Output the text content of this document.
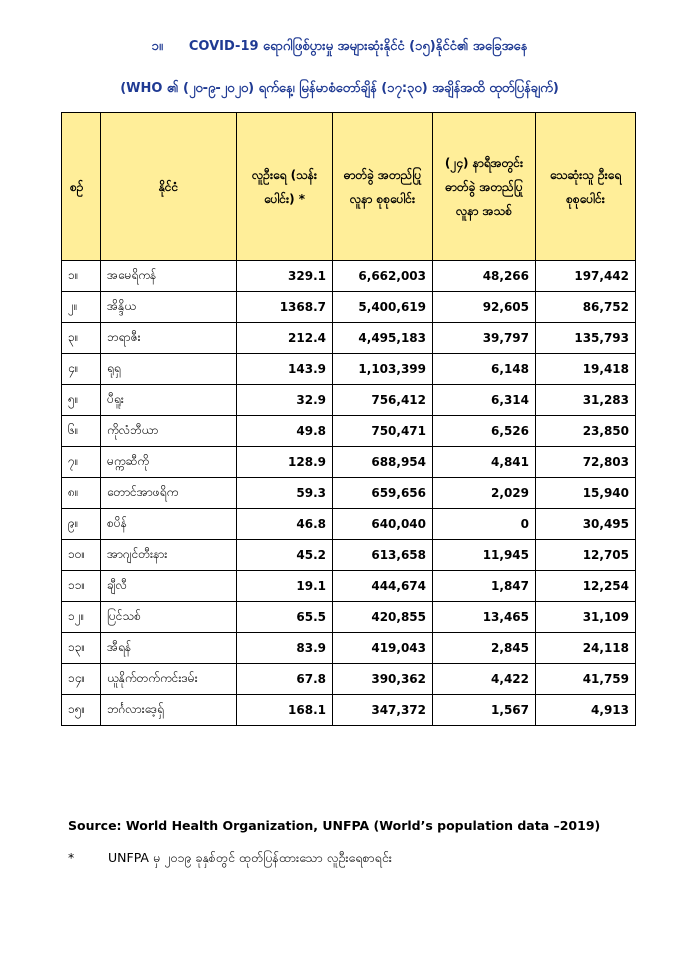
၁။ COVID-19 ရောဂါဖြစ်ပွားမှု အများဆုံးနိုင်ငံ (၁၅)နိုင်ငံ၏ အခြေအနေ
(WHO ၏ (၂၀-၉-၂၀၂၀) ရက်နေ့၊ မြန်မာစံတော်ချိန် (၁၇:၃၀) အချိန်အထိ ထုတ်ပြန်ချက်)
စဉ်	နိုင်ငံ	လူဦးရေ (သန်းပေါင်း) *	ဓာတ်ခွဲ အတည်ပြု လူနာ စုစုပေါင်း	(၂၄) နာရီအတွင်း ဓာတ်ခွဲ အတည်ပြု လူနာ အသစ်	သေဆုံးသူ ဦးရေ စုစုပေါင်း
၁။	အမေရိကန်	329.1	6,662,003	48,266	197,442
၂။	အိန္ဒိယ	1368.7	5,400,619	92,605	86,752
၃။	ဘရာဇီး	212.4	4,495,183	39,797	135,793
၄။	ရုရှ	143.9	1,103,399	6,148	19,418
၅။	ပီရူး	32.9	756,412	6,314	31,283
၆။	ကိုလံဘီယာ	49.8	750,471	6,526	23,850
၇။	မက္ကဆီကို	128.9	688,954	4,841	72,803
၈။	တောင်အာဖရိက	59.3	659,656	2,029	15,940
၉။	စပိန်	46.8	640,040	0	30,495
၁၀။	အာဂျင်တီးနား	45.2	613,658	11,945	12,705
၁၁။	ချီလီ	19.1	444,674	1,847	12,254
၁၂။	ပြင်သစ်	65.5	420,855	13,465	31,109
၁၃။	အီရန်	83.9	419,043	2,845	24,118
၁၄။	ယူနိုက်တက်ကင်းဒမ်း	67.8	390,362	4,422	41,759
၁၅။	ဘင်္ဂလားဒေ့ရှ်	168.1	347,372	1,567	4,913
Source: World Health Organization, UNFPA (World’s population data –2019)
*	UNFPA မှ ၂၀၁၉ ခုနှစ်တွင် ထုတ်ပြန်ထားသော လူဦးရေစာရင်း
